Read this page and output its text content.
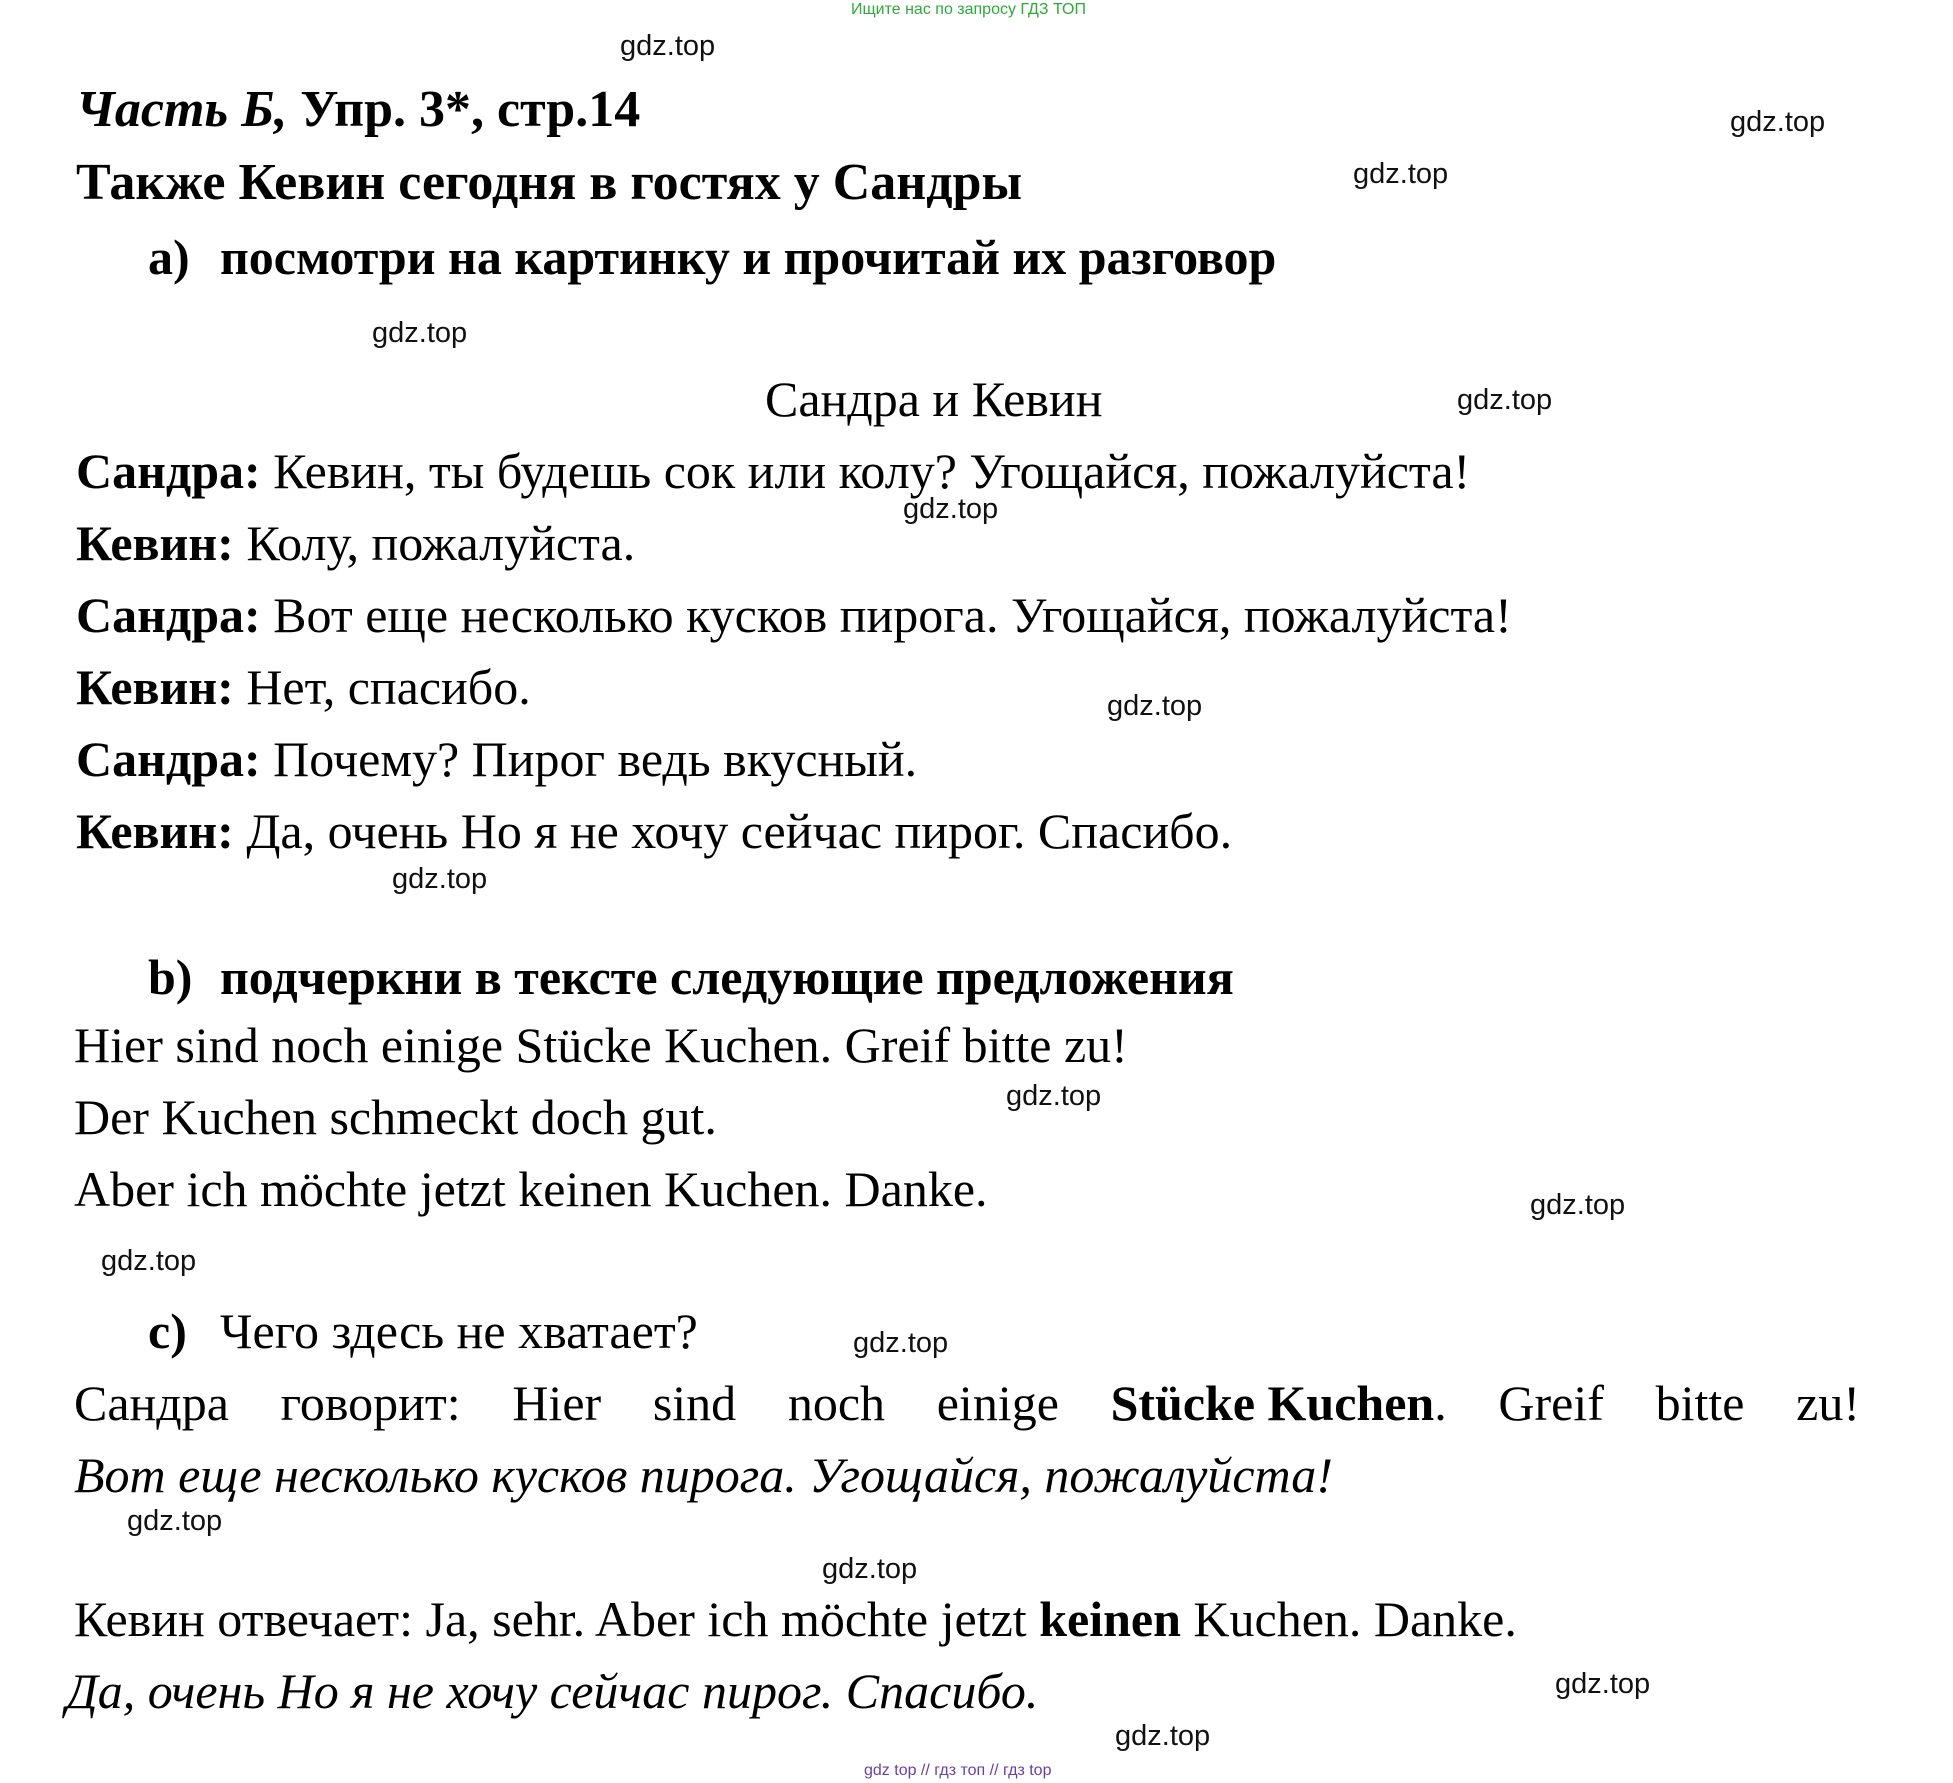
Ищите нас по запросу ГДЗ ТОП
gdz.top
gdz.top
gdz.top
gdz.top
gdz.top
gdz.top
gdz.top
gdz.top
gdz.top
gdz.top
gdz.top
gdz.top
gdz.top
gdz.top
gdz.top
gdz.top
Часть Б, Упр. 3*, стр.14
Также Кевин сегодня в гостях у Сандры
a) посмотри на картинку и прочитай их разговор
Сандра и Кевин
Сандра: Кевин, ты будешь сок или колу? Угощайся, пожалуйста!
Кевин: Колу, пожалуйста.
Сандра: Вот еще несколько кусков пирога. Угощайся, пожалуйста!
Кевин: Нет, спасибо.
Сандра: Почему? Пирог ведь вкусный.
Кевин: Да, очень Но я не хочу сейчас пирог. Спасибо.
b) подчеркни в тексте следующие предложения
Hier sind noch einige Stücke Kuchen. Greif bitte zu!
Der Kuchen schmeckt doch gut.
Aber ich möchte jetzt keinen Kuchen. Danke.
c) Чего здесь не хватает?
Сандра говорит: Hier sind noch einige Stücke Kuchen. Greif bitte zu!
Вот еще несколько кусков пирога. Угощайся, пожалуйста!
Кевин отвечает: Ja, sehr. Aber ich möchte jetzt keinen Kuchen. Danke.
Да, очень Но я не хочу сейчас пирог. Спасибо.
gdz top // гдз топ // гдз top
